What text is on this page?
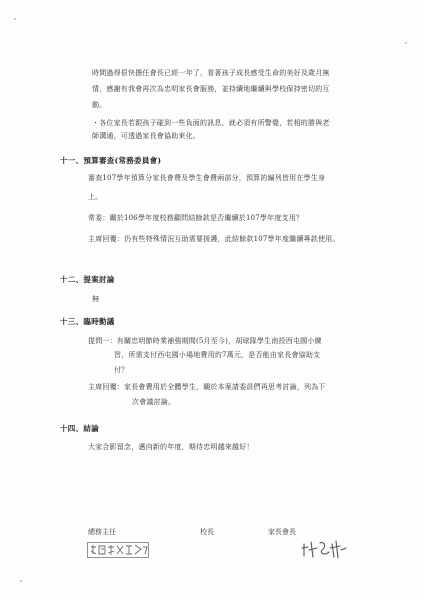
時間過得很快擔任會長已經一年了，看著孩子成長感受生命的美好及歲月無
情，感謝有我會再次為忠明家長會服務，並持續地繼續與學校保持密切的互
動。
・各位家長若跟孩子碰到一些負面的訊息，就必須有所警覺，若相的勝與老
師溝通，可透過家長會協助來化。
十一、預算審查(常務委員會)
審查107學年預算分家長會費及學生會費兩部分，預算的編列皆用在學生身
上。
常委：關於106學年度校務顧問結餘款是否繼續於107學年度支用？
主席回覆：仍有些特殊情況互助需要援護，此結餘款107學年度繼續專款使用。
十二、提案討論
無
十三、臨時動議
提問一：有關忠明節時業補強期間(5月至今)，胡球隊學生南投西屯國小練
習，所需支付西屯國小場地費用約7萬元，是否能由家長會協助支
付？
主席回覆：家長會費用於全體學生，關於本案請委員們再思考討論，列為下
次會議討論。
十四、結論
大家合影留念，邁向新的年度，期待忠明越來越好！
總務主任	校長	家長會長
